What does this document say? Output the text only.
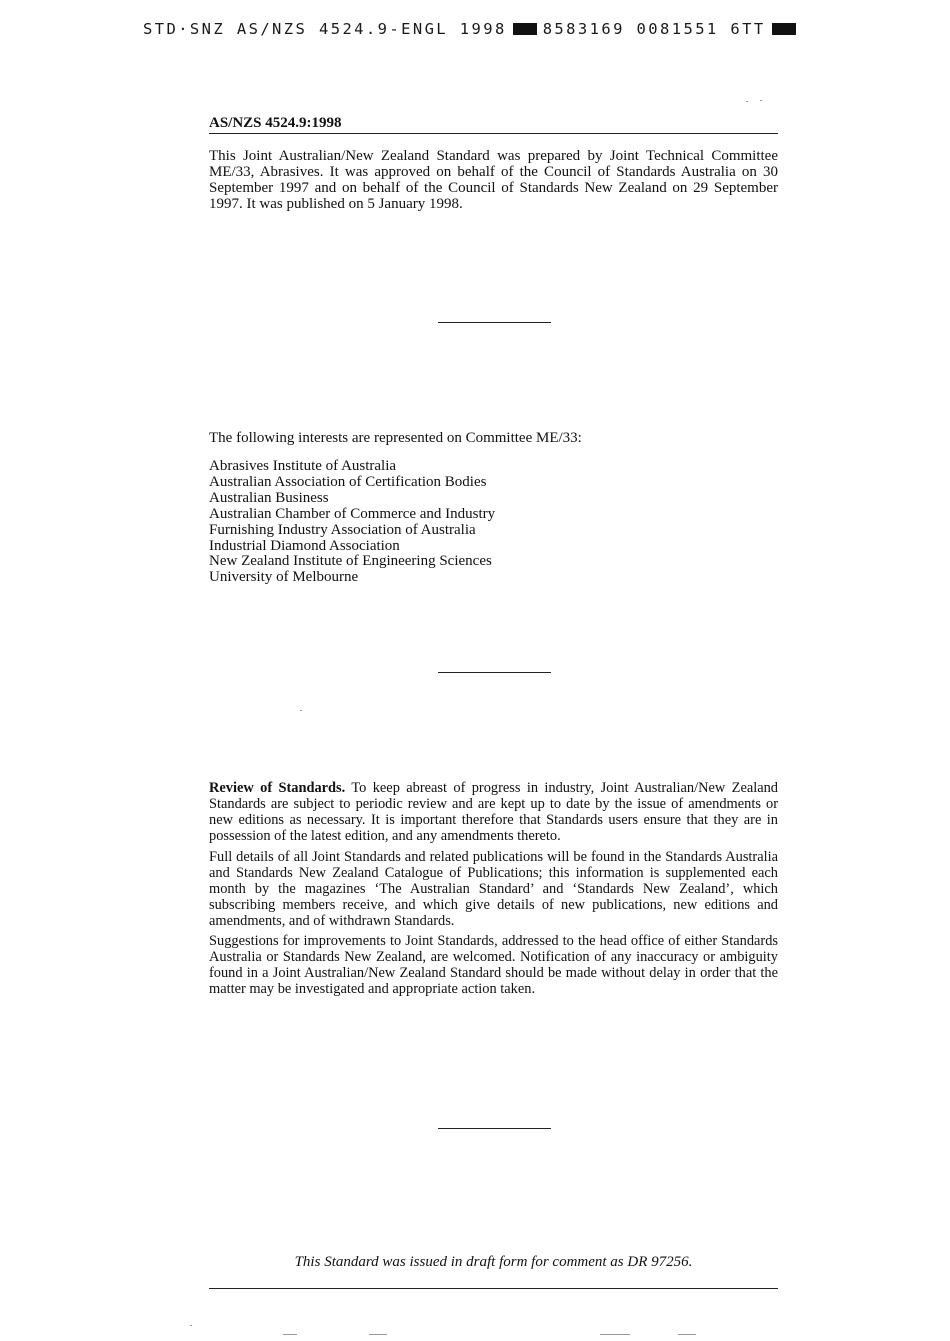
STD·SNZ AS/NZS 4524.9-ENGL 1998 8583169 0081551 6TT
AS/NZS 4524.9:1998

This Joint Australian/New Zealand Standard was prepared by Joint Technical Committee ME/33, Abrasives. It was approved on behalf of the Council of Standards Australia on 30 September 1997 and on behalf of the Council of Standards New Zealand on 29 September 1997. It was published on 5 January 1998.

The following interests are represented on Committee ME/33:
Abrasives Institute of Australia
Australian Association of Certification Bodies
Australian Business
Australian Chamber of Commerce and Industry
Furnishing Industry Association of Australia
Industrial Diamond Association
New Zealand Institute of Engineering Sciences
University of Melbourne

Review of Standards. To keep abreast of progress in industry, Joint Australian/New Zealand Standards are subject to periodic review and are kept up to date by the issue of amendments or new editions as necessary. It is important therefore that Standards users ensure that they are in possession of the latest edition, and any amendments thereto.

Full details of all Joint Standards and related publications will be found in the Standards Australia and Standards New Zealand Catalogue of Publications; this information is supplemented each month by the magazines ‘The Australian Standard’ and ‘Standards New Zealand’, which subscribing members receive, and which give details of new publications, new editions and amendments, and of withdrawn Standards.

Suggestions for improvements to Joint Standards, addressed to the head office of either Standards Australia or Standards New Zealand, are welcomed. Notification of any inaccuracy or ambiguity found in a Joint Australian/New Zealand Standard should be made without delay in order that the matter may be investigated and appropriate action taken.

This Standard was issued in draft form for comment as DR 97256.
